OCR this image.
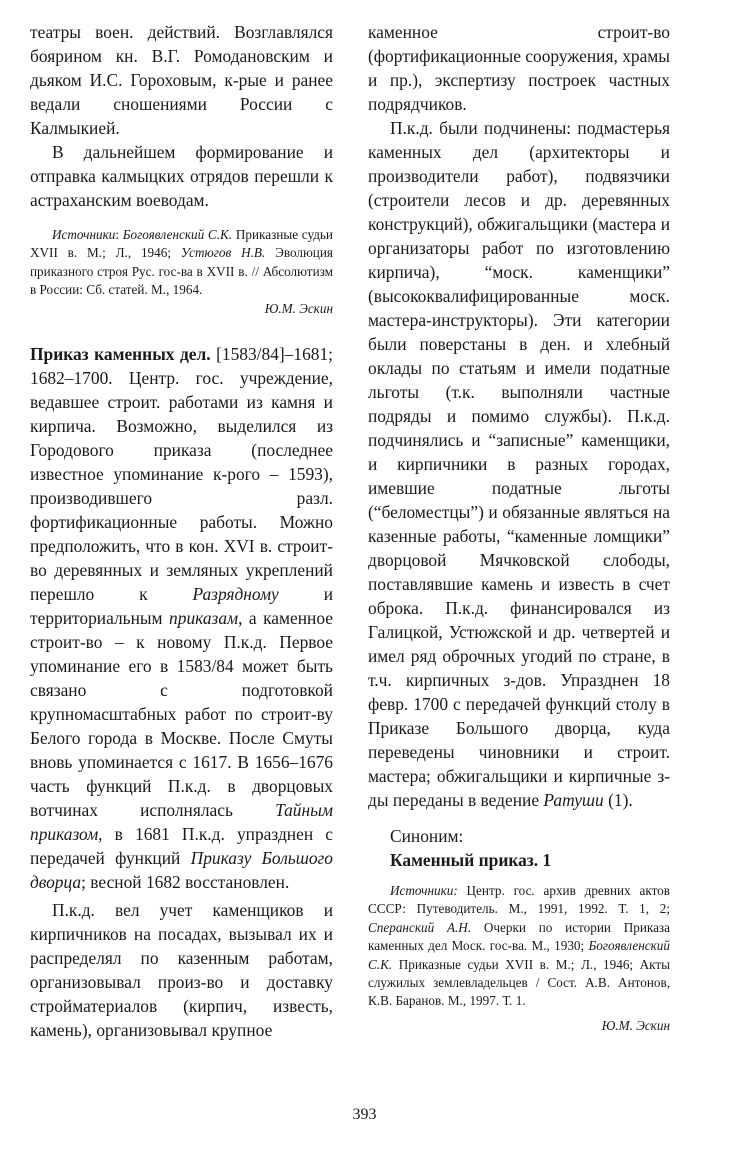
театры воен. действий. Возглавлялся боярином кн. В.Г. Ромодановским и дьяком И.С. Гороховым, к-рые и ранее ведали сношениями России с Калмыкией.

В дальнейшем формирование и отправка калмыцких отрядов перешли к астраханским воеводам.

Источники: Богоявленский С.К. Приказные судьи XVII в. М.; Л., 1946; Устюгов Н.В. Эволюция приказного строя Рус. гос-ва в XVII в. // Абсолютизм в России: Сб. статей. М., 1964.

Ю.М. Эскин

Приказ каменных дел. [1583/84]–1681; 1682–1700. Центр. гос. учреждение, ведавшее строит. работами из камня и кирпича. Возможно, выделился из Городового приказа (последнее известное упоминание к-рого – 1593), производившего разл. фортификационные работы. Можно предположить, что в кон. XVI в. строит-во деревянных и земляных укреплений перешло к	Разрядному	и территориальным приказам, а каменное строит-во – к новому П.к.д. Первое упоминание его в 1583/84 может быть связано с подготовкой крупномасштабных работ по строит-ву Белого города в Москве. После Смуты вновь упоминается с 1617. В 1656–1676 часть функций П.к.д. в дворцовых вотчинах исполнялась Тайным приказом, в 1681 П.к.д. упразднен с передачей функций Приказу Большого дворца; весной 1682 восстановлен.

П.к.д. вел учет каменщиков и кирпичников на посадах, вызывал их и распределял по казенным работам, организовывал произ-во и доставку стройматериалов (кирпич, известь, камень), организовывал крупное

каменное строит-во (фортификационные сооружения, храмы и пр.), экспертизу построек частных подрядчиков.

П.к.д. были подчинены: подмастерья каменных дел (архитекторы и производители работ), подвязчики (строители лесов и др. деревянных конструкций), обжигальщики (мастера и организаторы работ по изготовлению кирпича), “моск. каменщики” (высококвалифицированные моск. мастера-инструкторы). Эти категории были поверстаны в ден. и хлебный оклады по статьям и имели податные льготы (т.к. выполняли частные подряды и помимо службы). П.к.д. подчинялись и “записные” каменщики, и кирпичники в разных городах, имевшие податные льготы (“беломестцы”) и обязанные являться на казенные работы, “каменные ломщики” дворцовой Мячковской слободы, поставлявшие камень и известь в счет оброка. П.к.д. финансировался из Галицкой, Устюжской и др. четвертей и имел ряд оброчных угодий по стране, в т.ч. кирпичных з-дов. Упразднен 18 февр. 1700 с передачей функций столу в Приказе Большого дворца, куда переведены чиновники и строит. мастера; обжигальщики и кирпичные з-ды переданы в ведение Ратуши (1).

Синоним:

Каменный приказ. 1

Источники: Центр. гос. архив древних актов СССР: Путеводитель. М., 1991, 1992. Т. 1, 2; Сперанский А.Н. Очерки по истории Приказа каменных дел Моск. гос-ва. М., 1930; Богоявленский С.К. Приказные судьи XVII в. М.; Л., 1946; Акты служилых землевладельцев / Сост. А.В. Антонов, К.В. Баранов. М., 1997. Т. 1.

Ю.М. Эскин

393
